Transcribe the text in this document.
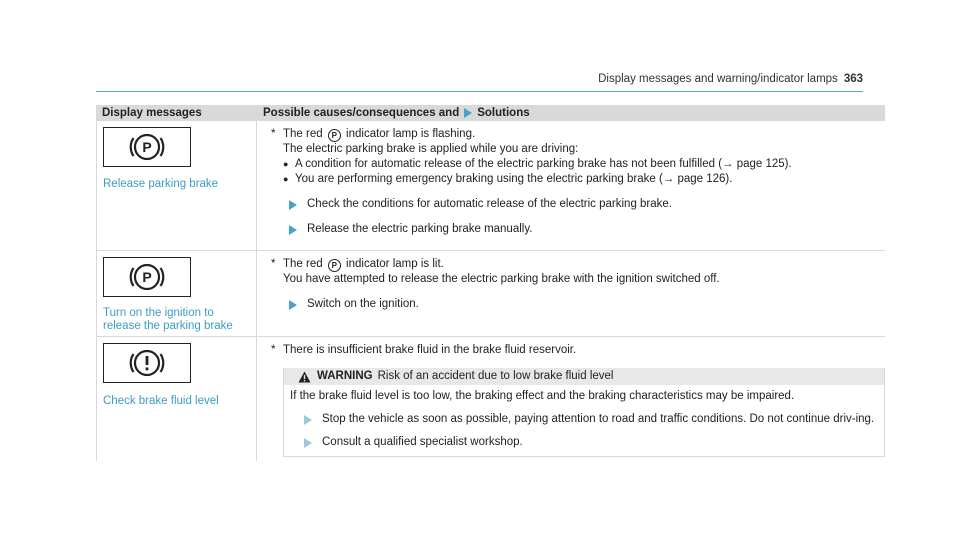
Display messages and warning/indicator lamps 363
Display messages	Possible causes/consequences and Solutions
P
Release parking brake
* The red P indicator lamp is flashing.
The electric parking brake is applied while you are driving:
● A condition for automatic release of the electric parking brake has not been fulfilled (→ page 125).
● You are performing emergency braking using the electric parking brake (→ page 126).
Check the conditions for automatic release of the electric parking brake.
Release the electric parking brake manually.
P
Turn on the ignition to release the parking brake
* The red P indicator lamp is lit.
You have attempted to release the electric parking brake with the ignition switched off.
Switch on the ignition.
Check brake fluid level
* There is insufficient brake fluid in the brake fluid reservoir.
WARNING Risk of an accident due to low brake fluid level
If the brake fluid level is too low, the braking effect and the braking characteristics may be impaired.
Stop the vehicle as soon as possible, paying attention to road and traffic conditions. Do not continue driv-ing.
Consult a qualified specialist workshop.
